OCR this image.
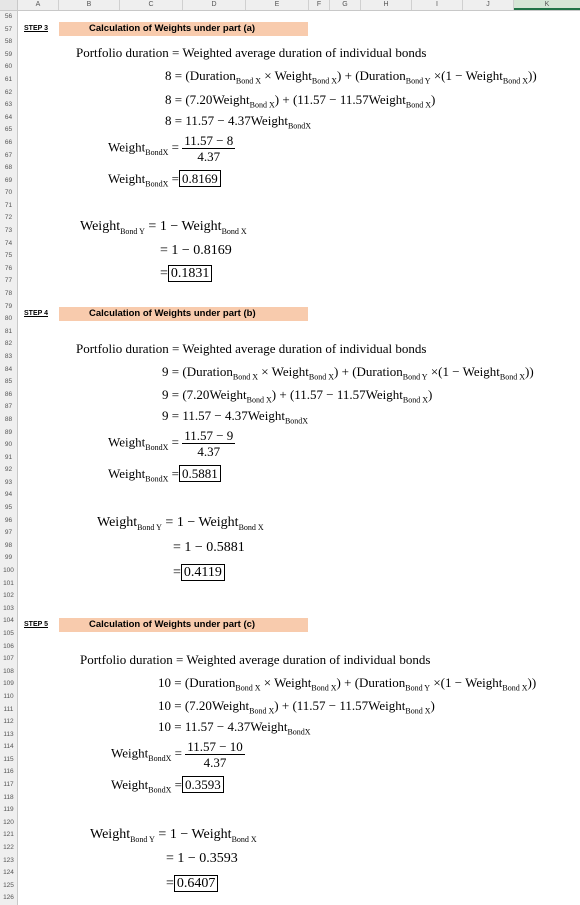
A	B	C	D	E	F	G	H	I	J	K
56
57
58
59
60
61
62
63
64
65
66
67
68
69
70
71
72
73
74
75
76
77
78
79
80
81
82
83
84
85
86
87
88
89
90
91
92
93
94
95
96
97
98
99
100
101
102
103
104
105
106
107
108
109
110
111
112
113
114
115
116
117
118
119
120
121
122
123
124
125
126
STEP 3	Calculation of Weights under part (a)
Portfolio duration = Weighted average duration of individual bonds
8 = (Duration$_{Bond X}$ × Weight$_{Bond X}$) + (Duration$_{Bond Y}$ ×(1 − Weight$_{Bond X}$))
8 = (7.20Weight$_{Bond X}$) + (11.57 − 11.57Weight$_{Bond X}$)
8 = 11.57 − 4.37Weight$_{BondX}$
Weight$_{BondX}$ = $\frac{11.57 - 8}{4.37}$
Weight$_{BondX}$ = 0.8169
Weight$_{Bond Y}$ = 1 − Weight$_{Bond X}$
= 1 − 0.8169
= 0.1831
STEP 4	Calculation of Weights under part (b)
Portfolio duration = Weighted average duration of individual bonds
9 = (Duration$_{Bond X}$ × Weight$_{Bond X}$) + (Duration$_{Bond Y}$ ×(1 − Weight$_{Bond X}$))
9 = (7.20Weight$_{Bond X}$) + (11.57 − 11.57Weight$_{Bond X}$)
9 = 11.57 − 4.37Weight$_{BondX}$
Weight$_{BondX}$ = $\frac{11.57 - 9}{4.37}$
Weight$_{BondX}$ = 0.5881
Weight$_{Bond Y}$ = 1 − Weight$_{Bond X}$
= 1 − 0.5881
= 0.4119
STEP 5	Calculation of Weights under part (c)
Portfolio duration = Weighted average duration of individual bonds
10 = (Duration$_{Bond X}$ × Weight$_{Bond X}$) + (Duration$_{Bond Y}$ ×(1 − Weight$_{Bond X}$))
10 = (7.20Weight$_{Bond X}$) + (11.57 − 11.57Weight$_{Bond X}$)
10 = 11.57 − 4.37Weight$_{BondX}$
Weight$_{BondX}$ = $\frac{11.57 - 10}{4.37}$
Weight$_{BondX}$ = 0.3593
Weight$_{Bond Y}$ = 1 − Weight$_{Bond X}$
= 1 − 0.3593
= 0.6407
